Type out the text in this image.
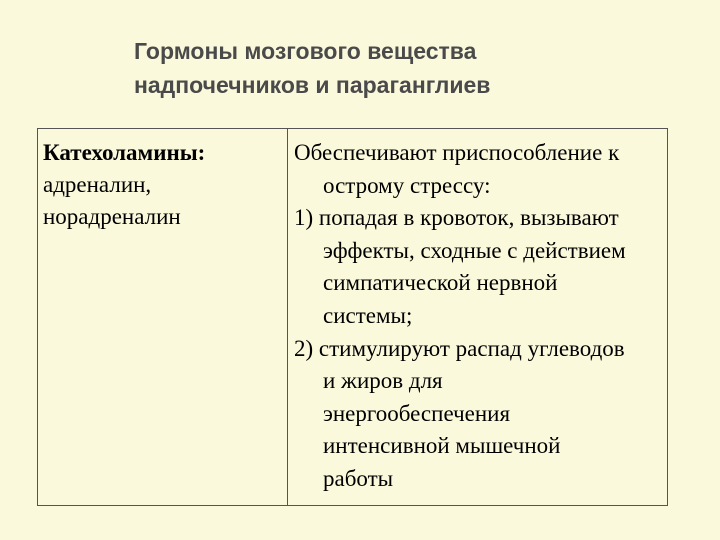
Гормоны мозгового вещества
надпочечников и параганглиев
Катехоламины:
адреналин,
норадреналин
Обеспечивают приспособление к
острому стрессу:
1) попадая в кровоток, вызывают
эффекты, сходные с действием
симпатической нервной
системы;
2) стимулируют распад углеводов
и жиров для
энергообеспечения
интенсивной мышечной
работы
